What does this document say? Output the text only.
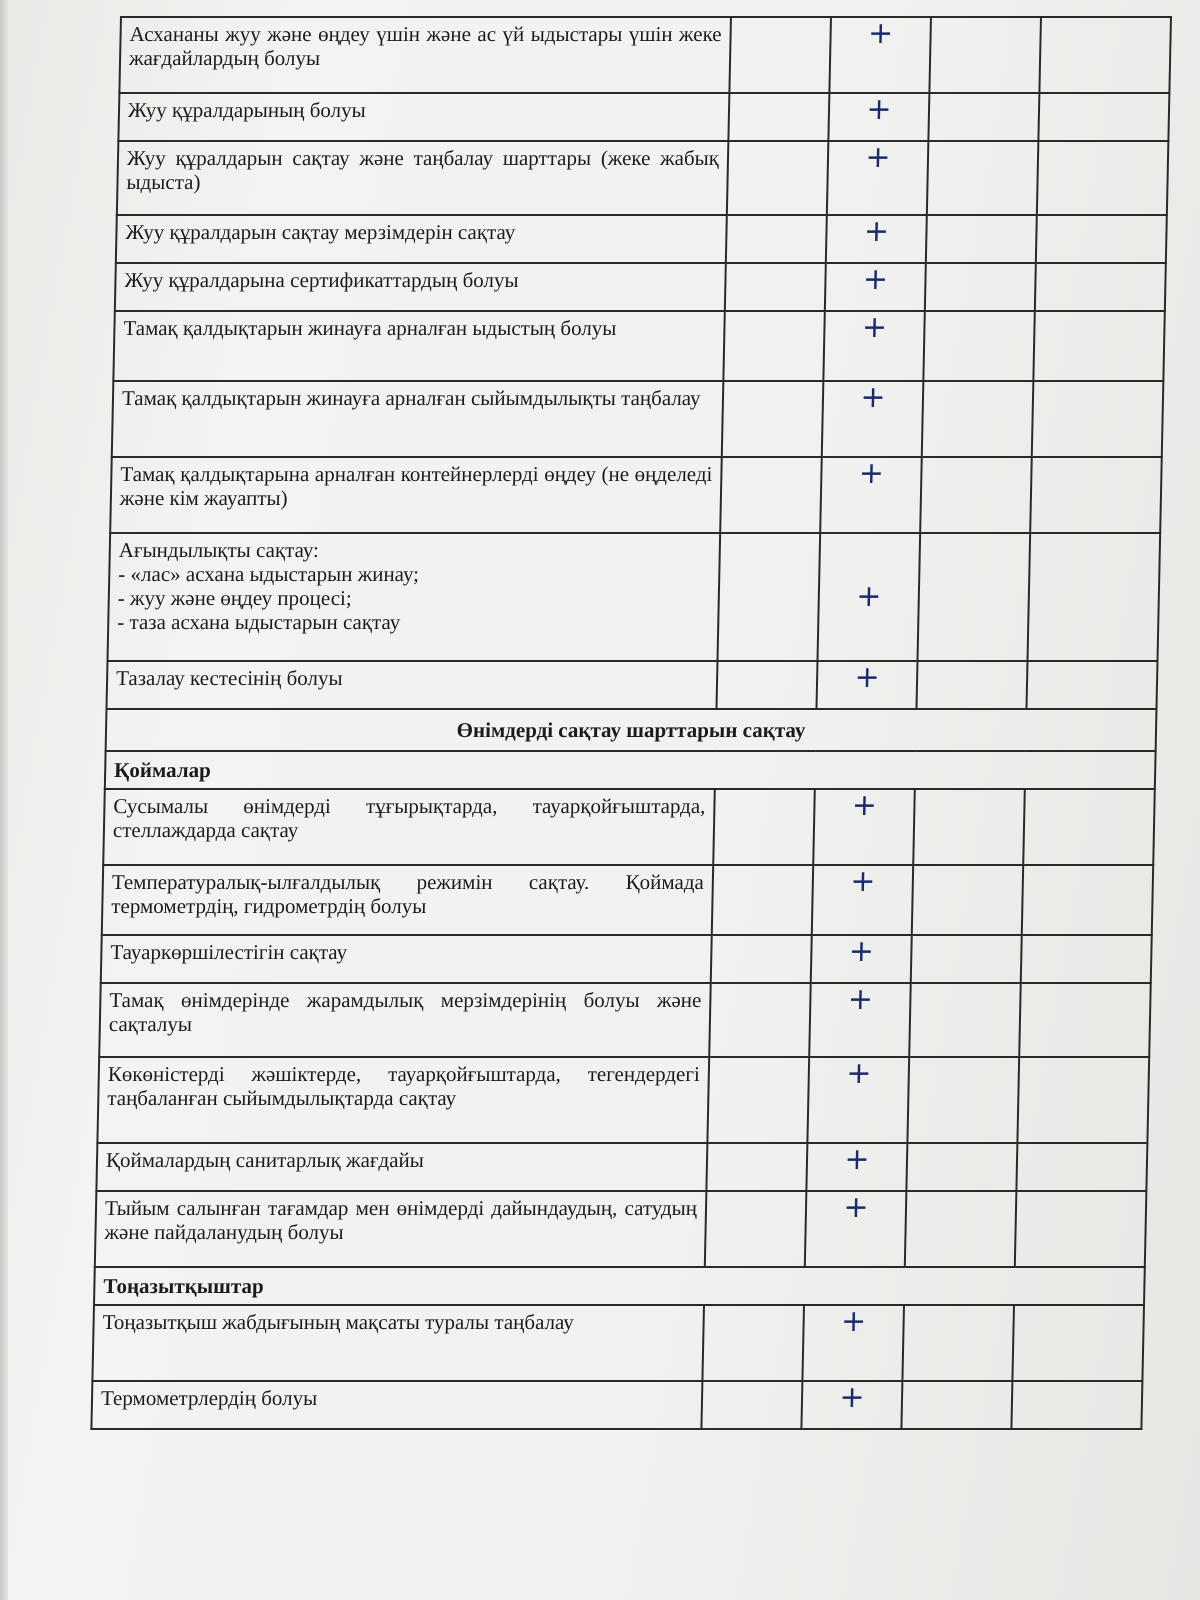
Асхананы жуу және өңдеу үшін және ас үй ыдыстары үшін жеке жағдайлардың болуы		+		
Жуу құралдарының болуы		+		
Жуу құралдарын сақтау және таңбалау шарттары (жеке жабық ыдыста)		+		
Жуу құралдарын сақтау мерзімдерін сақтау		+		
Жуу құралдарына сертификаттардың болуы		+		
Тамақ қалдықтарын жинауға арналған ыдыстың болуы		+		
Тамақ қалдықтарын жинауға арналған сыйымдылықты таңбалау		+		
Тамақ қалдықтарына арналған контейнерлерді өңдеу (не өңделеді және кім жауапты)		+		

Ағындылықты сақтау:
- «лас» асхана ыдыстарын жинау;
- жуу және өңдеу процесі;
- таза асхана ыдыстарын сақтау		+		
Тазалау кестесінің болуы		+		
Өнімдерді сақтау шарттарын сақтау				
Қоймалар				
Сусымалы өнімдерді тұғырықтарда, тауарқойғыштарда, стеллаждарда сақтау		+		
Температуралық-ылғалдылық режимін сақтау. Қоймада термометрдің, гидрометрдің болуы		+		
Тауаркөршілестігін сақтау		+		
Тамақ өнімдерінде жарамдылық мерзімдерінің болуы және сақталуы		+		
Көкөністерді жәшіктерде, тауарқойғыштарда, тегендердегі таңбаланған сыйымдылықтарда сақтау		+		
Қоймалардың санитарлық жағдайы		+		
Тыйым салынған тағамдар мен өнімдерді дайындаудың, сатудың және пайдаланудың болуы		+		
Тоңазытқыштар				
Тоңазытқыш жабдығының мақсаты туралы таңбалау		+		
Термометрлердің болуы		+		
